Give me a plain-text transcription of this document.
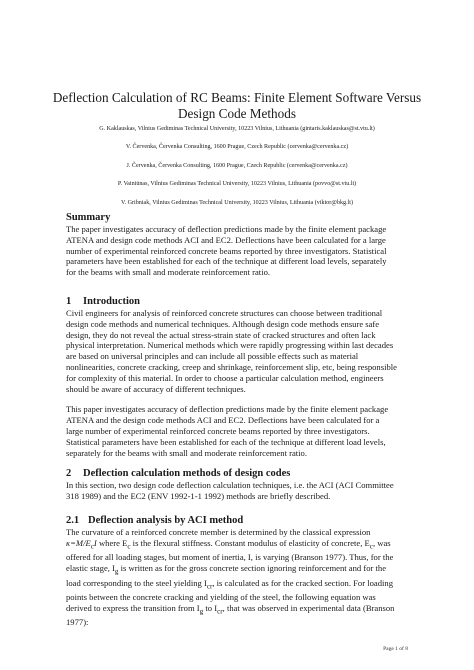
Deflection Calculation of RC Beams: Finite Element Software Versus
Design Code Methods

G. Kaklauskas, Vilnius Gediminas Technical University, 10223 Vilnius, Lithuania (gintaris.kaklauskas@st.vtu.lt)

V. Červenka, Červenka Consulting, 1600 Prague, Czech Republic (cervenka@cervenka.cz)

J. Červenka, Červenka Consulting, 1600 Prague, Czech Republic (cervenka@cervenka.cz)

P. Vainiūnas, Vilnius Gediminas Technical University, 10223 Vilnius, Lithuania (povvo@st.vtu.lt)

V. Gribniak, Vilnius Gediminas Technical University, 10223 Vilnius, Lithuania (viktor@bkg.lt)

Summary

The paper investigates accuracy of deflection predictions made by the finite element package
ATENA and design code methods ACI and EC2. Deflections have been calculated for a large
number of experimental reinforced concrete beams reported by three investigators. Statistical
parameters have been established for each of the technique at different load levels, separately
for the beams with small and moderate reinforcement ratio.

1 Introduction

Civil engineers for analysis of reinforced concrete structures can choose between traditional
design code methods and numerical techniques. Although design code methods ensure safe
design, they do not reveal the actual stress-strain state of cracked structures and often lack
physical interpretation. Numerical methods which were rapidly progressing within last decades
are based on universal principles and can include all possible effects such as material
nonlinearities, concrete cracking, creep and shrinkage, reinforcement slip, etc, being responsible
for complexity of this material. In order to choose a particular calculation method, engineers
should be aware of accuracy of different techniques.

This paper investigates accuracy of deflection predictions made by the finite element package
ATENA and the design code methods ACI and EC2. Deflections have been calculated for a
large number of experimental reinforced concrete beams reported by three investigators.
Statistical parameters have been established for each of the technique at different load levels,
separately for the beams with small and moderate reinforcement ratio.

2 Deflection calculation methods of design codes

In this section, two design code deflection calculation techniques, i.e. the ACI (ACI Committee
318 1989) and the EC2 (ENV 1992-1-1 1992) methods are briefly described.

2.1 Deflection analysis by ACI method

The curvature of a reinforced concrete member is determined by the classical expression
$\kappa=M/E_cI$ where $E_c$ is the flexural stiffness. Constant modulus of elasticity of concrete, $E_c$, was
offered for all loading stages, but moment of inertia, I, is varying (Branson 1977). Thus, for the
elastic stage, $I_g$ is written as for the gross concrete section ignoring reinforcement and for the
load corresponding to the steel yielding $I_{cr}$, is calculated as for the cracked section. For loading
points between the concrete cracking and yielding of the steel, the following equation was
derived to express the transition from $I_g$ to $I_{cr}$, that was observed in experimental data (Branson
1977):

Page 1 of 8
